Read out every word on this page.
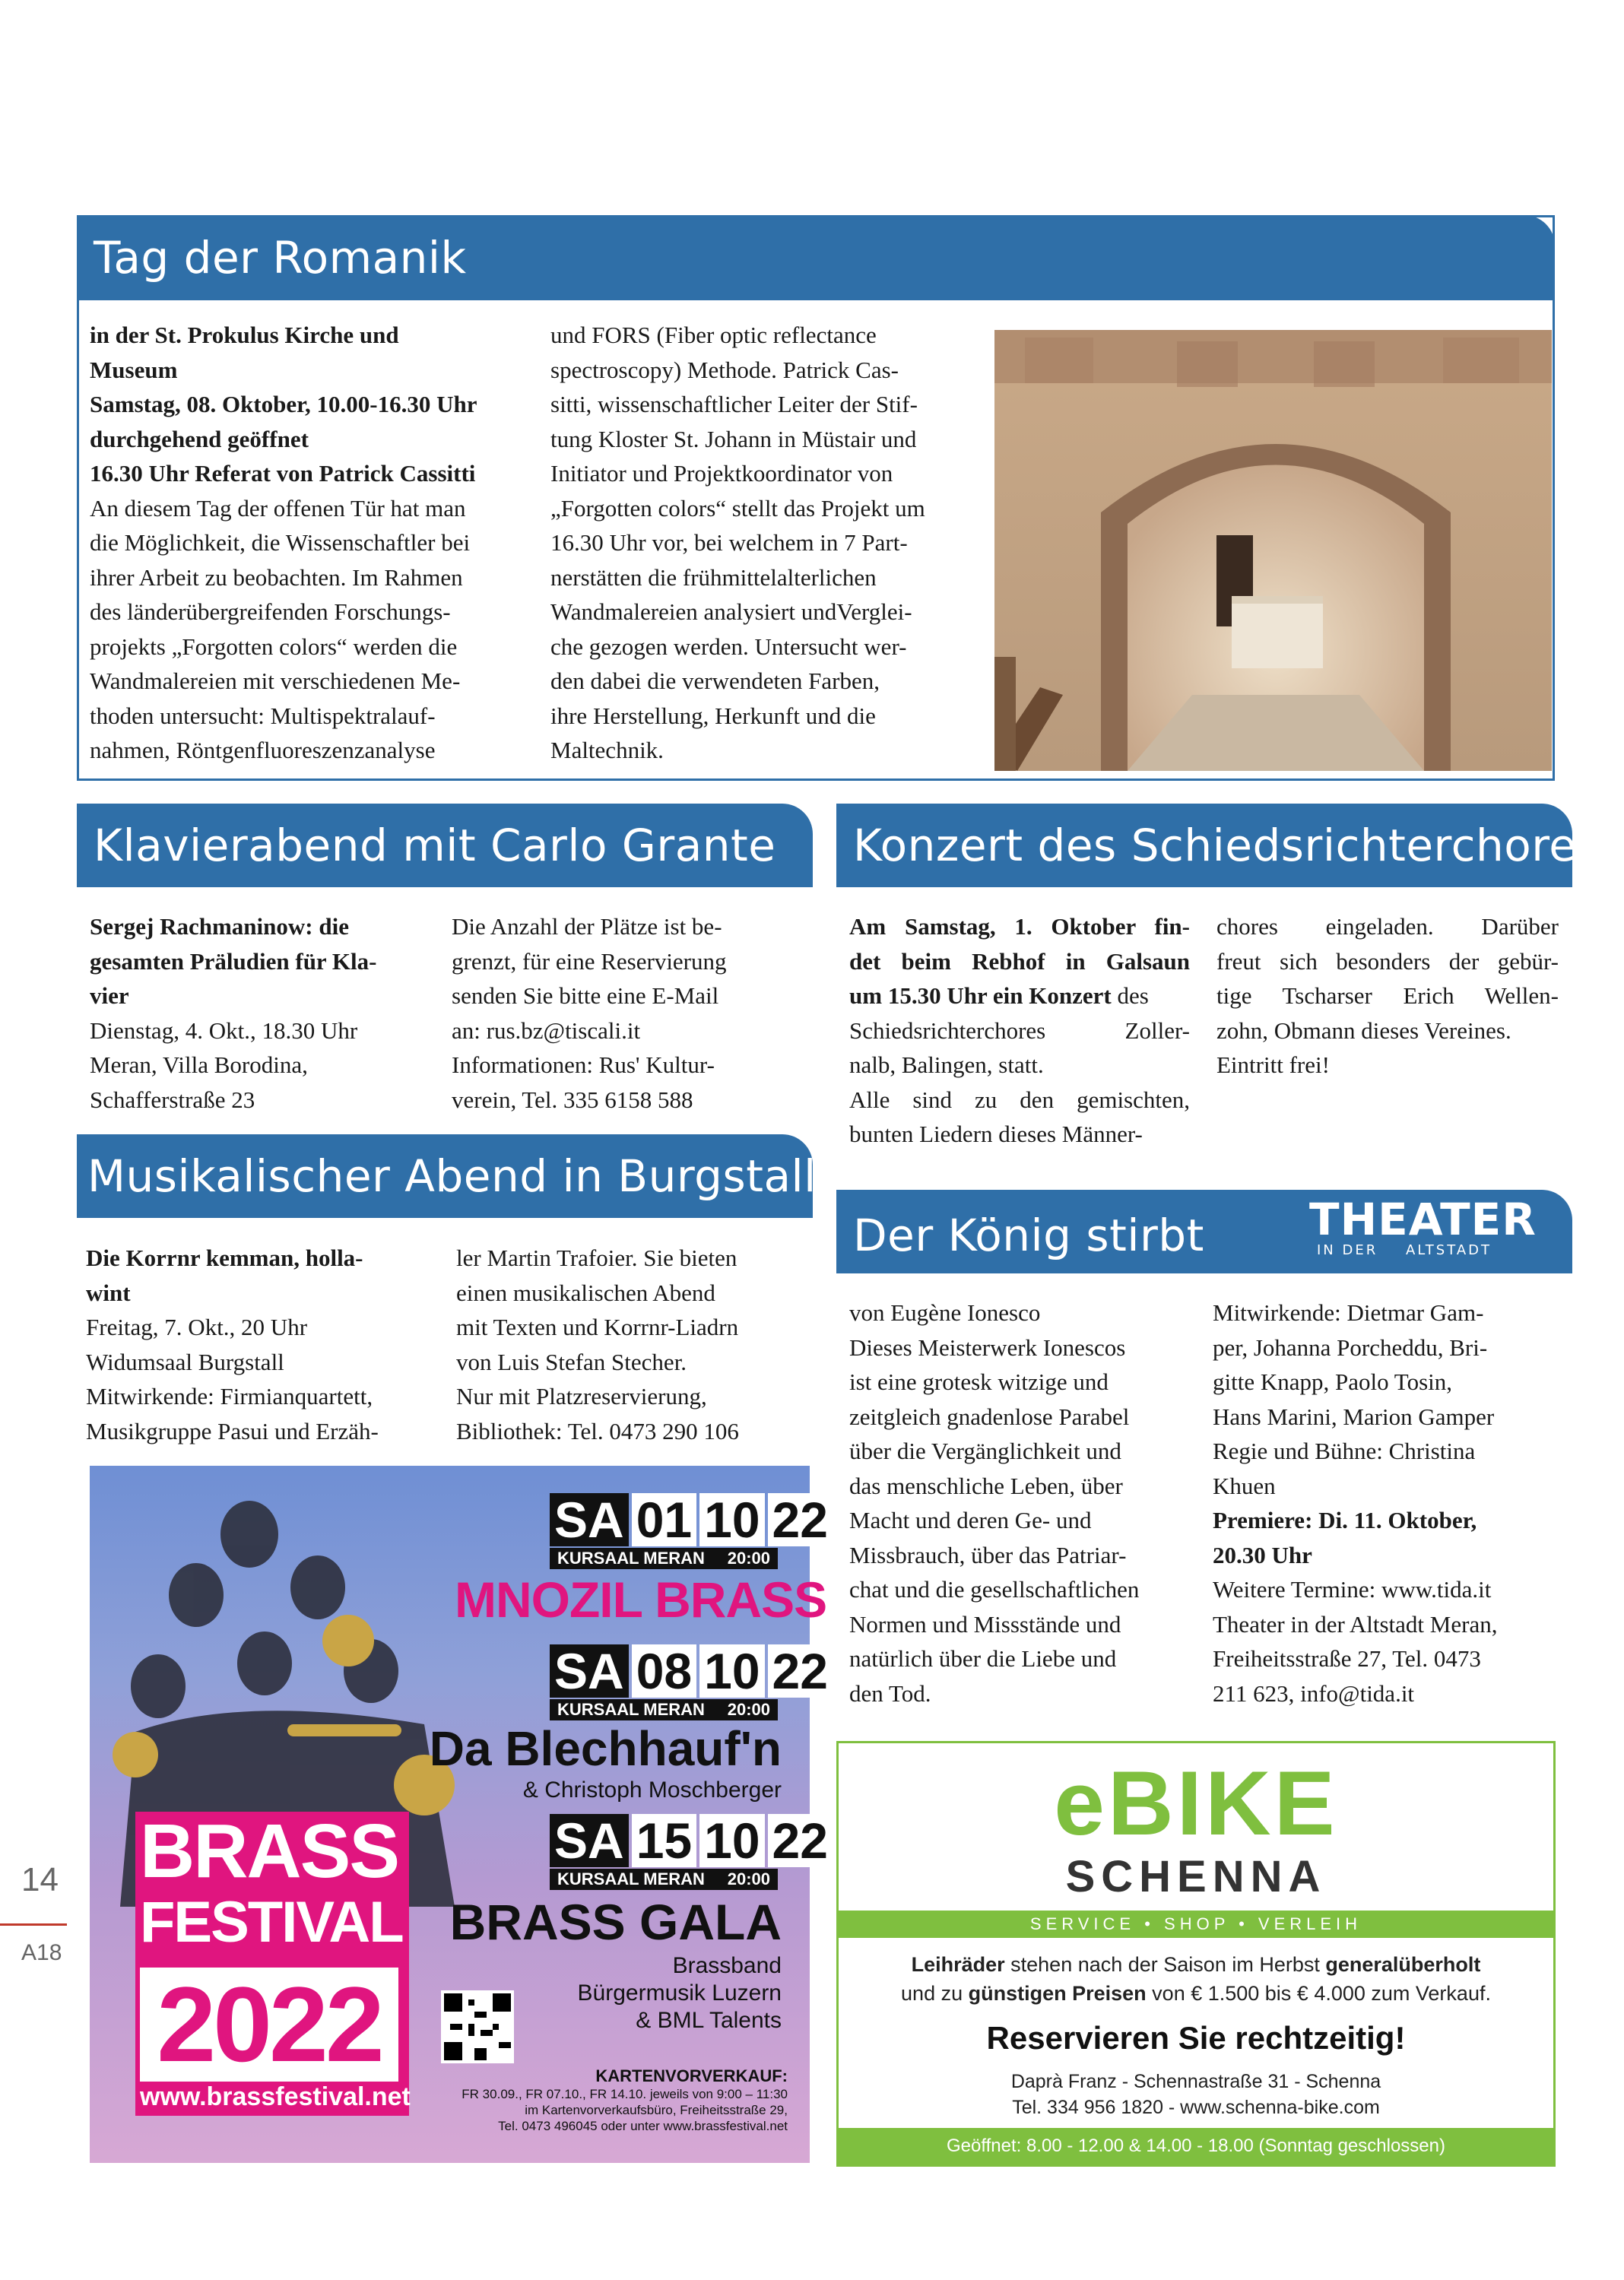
14
A18
Tag der Romanik

in der St. Prokulus Kirche und

Museum

Samstag, 08. Oktober, 10.00-16.30 Uhr

durchgehend geöffnet

16.30 Uhr Referat von Patrick Cassitti

An diesem Tag der offenen Tür hat man

die Möglichkeit, die Wissenschaftler bei

ihrer Arbeit zu beobachten. Im Rahmen

des länderübergreifenden Forschungs-

projekts „Forgotten colors“ werden die

Wandmalereien mit verschiedenen Me-

thoden untersucht: Multispektralauf-

nahmen, Röntgenfluoreszenzanalyse

und FORS (Fiber optic reflectance

spectroscopy) Methode. Patrick Cas-

sitti, wissenschaftlicher Leiter der Stif-

tung Kloster St. Johann in Müstair und

Initiator und Projektkoordinator von

„Forgotten colors“ stellt das Projekt um

16.30 Uhr vor, bei welchem in 7 Part-

nerstätten die frühmittelalterlichen

Wandmalereien analysiert undVerglei-

che gezogen werden. Untersucht wer-

den dabei die verwendeten Farben,

ihre Herstellung, Herkunft und die

Maltechnik.

Klavierabend mit Carlo Grante

Sergej Rachmaninow: die

gesamten Präludien für Kla-

vier

Dienstag, 4. Okt., 18.30 Uhr

Meran, Villa Borodina,

Schafferstraße 23

Die Anzahl der Plätze ist be-

grenzt, für eine Reservierung

senden Sie bitte eine E-Mail

an: rus.bz@tiscali.it

Informationen: Rus' Kultur-

verein, Tel. 335 6158 588

Konzert des Schiedsrichterchores

Am Samstag, 1. Oktober fin-

det beim Rebhof in Galsaun

um 15.30 Uhr ein Konzert des

Schiedsrichterchores Zoller-

nalb, Balingen, statt.

Alle sind zu den gemischten,

bunten Liedern dieses Männer-

chores eingeladen. Darüber

freut sich besonders der gebür-

tige Tscharser Erich Wellen-

zohn, Obmann dieses Vereines.

Eintritt frei!

Musikalischer Abend in Burgstall

Die Korrnr kemman, holla-

wint

Freitag, 7. Okt., 20 Uhr

Widumsaal Burgstall

Mitwirkende: Firmianquartett,

Musikgruppe Pasui und Erzäh-

ler Martin Trafoier. Sie bieten

einen musikalischen Abend

mit Texten und Korrnr-Liadrn

von Luis Stefan Stecher.

Nur mit Platzreservierung,

Bibliothek: Tel. 0473 290 106

Der König stirbt	THEATER
IN DER ALTSTADT

von Eugène Ionesco

Dieses Meisterwerk Ionescos

ist eine grotesk witzige und

zeitgleich gnadenlose Parabel

über die Vergänglichkeit und

das menschliche Leben, über

Macht und deren Ge- und

Missbrauch, über das Patriar-

chat und die gesellschaftlichen

Normen und Missstände und

natürlich über die Liebe und

den Tod.

Mitwirkende: Dietmar Gam-

per, Johanna Porcheddu, Bri-

gitte Knapp, Paolo Tosin,

Hans Marini, Marion Gamper

Regie und Bühne: Christina

Khuen

Premiere: Di. 11. Oktober,

20.30 Uhr

Weitere Termine: www.tida.it

Theater in der Altstadt Meran,

Freiheitsstraße 27, Tel. 0473

211 623, info@tida.it

SA 01 10 22
KURSAAL MERAN 20:00
MNOZIL BRASS
SA 08 10 22
KURSAAL MERAN 20:00
Da Blechhauf'n
& Christoph Moschberger
SA 15 10 22
KURSAAL MERAN 20:00
BRASS GALA
Brassband Bürgermusik Luzern & BML Talents
BRASS
FESTIVAL
2022
www.brassfestival.net
KARTENVORVERKAUF:
FR 30.09., FR 07.10., FR 14.10. jeweils von 9:00 – 11:30
im Kartenvorverkaufsbüro, Freiheitsstraße 29,
Tel. 0473 496045 oder unter www.brassfestival.net
eBIKE
SCHENNA
SERVICE • SHOP • VERLEIH
Leihräder stehen nach der Saison im Herbst generalüberholt
und zu günstigen Preisen von € 1.500 bis € 4.000 zum Verkauf.
Reservieren Sie rechtzeitig!
Daprà Franz - Schennastraße 31 - Schenna
Tel. 334 956 1820 - www.schenna-bike.com
Geöffnet: 8.00 - 12.00 & 14.00 - 18.00 (Sonntag geschlossen)
